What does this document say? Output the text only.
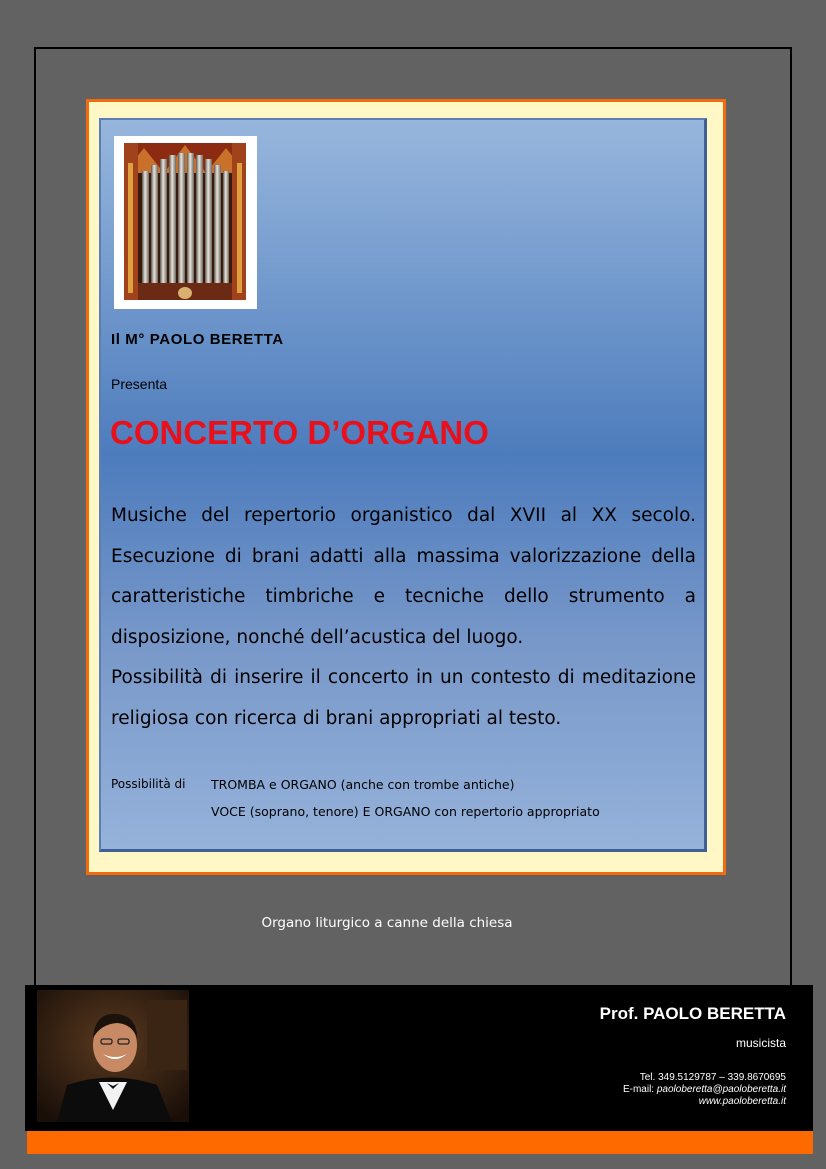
Il M° PAOLO BERETTA
Presenta
CONCERTO D’ORGANO

Musiche del repertorio organistico dal XVII al XX secolo. Esecuzione di brani adatti alla massima valorizzazione della caratteristiche timbriche e tecniche dello strumento a disposizione, nonché dell’acustica del luogo.

Possibilità di inserire il concerto in un contesto di meditazione religiosa con ricerca di brani appropriati al testo.

Possibilità di TROMBA e ORGANO (anche con trombe antiche)
VOCE (soprano, tenore) E ORGANO con repertorio appropriato
Organo liturgico a canne della chiesa
Prof. PAOLO BERETTA
musicista
Tel. 349.5129787 – 339.8670695
E-mail: paoloberetta@paoloberetta.it
www.paoloberetta.it
